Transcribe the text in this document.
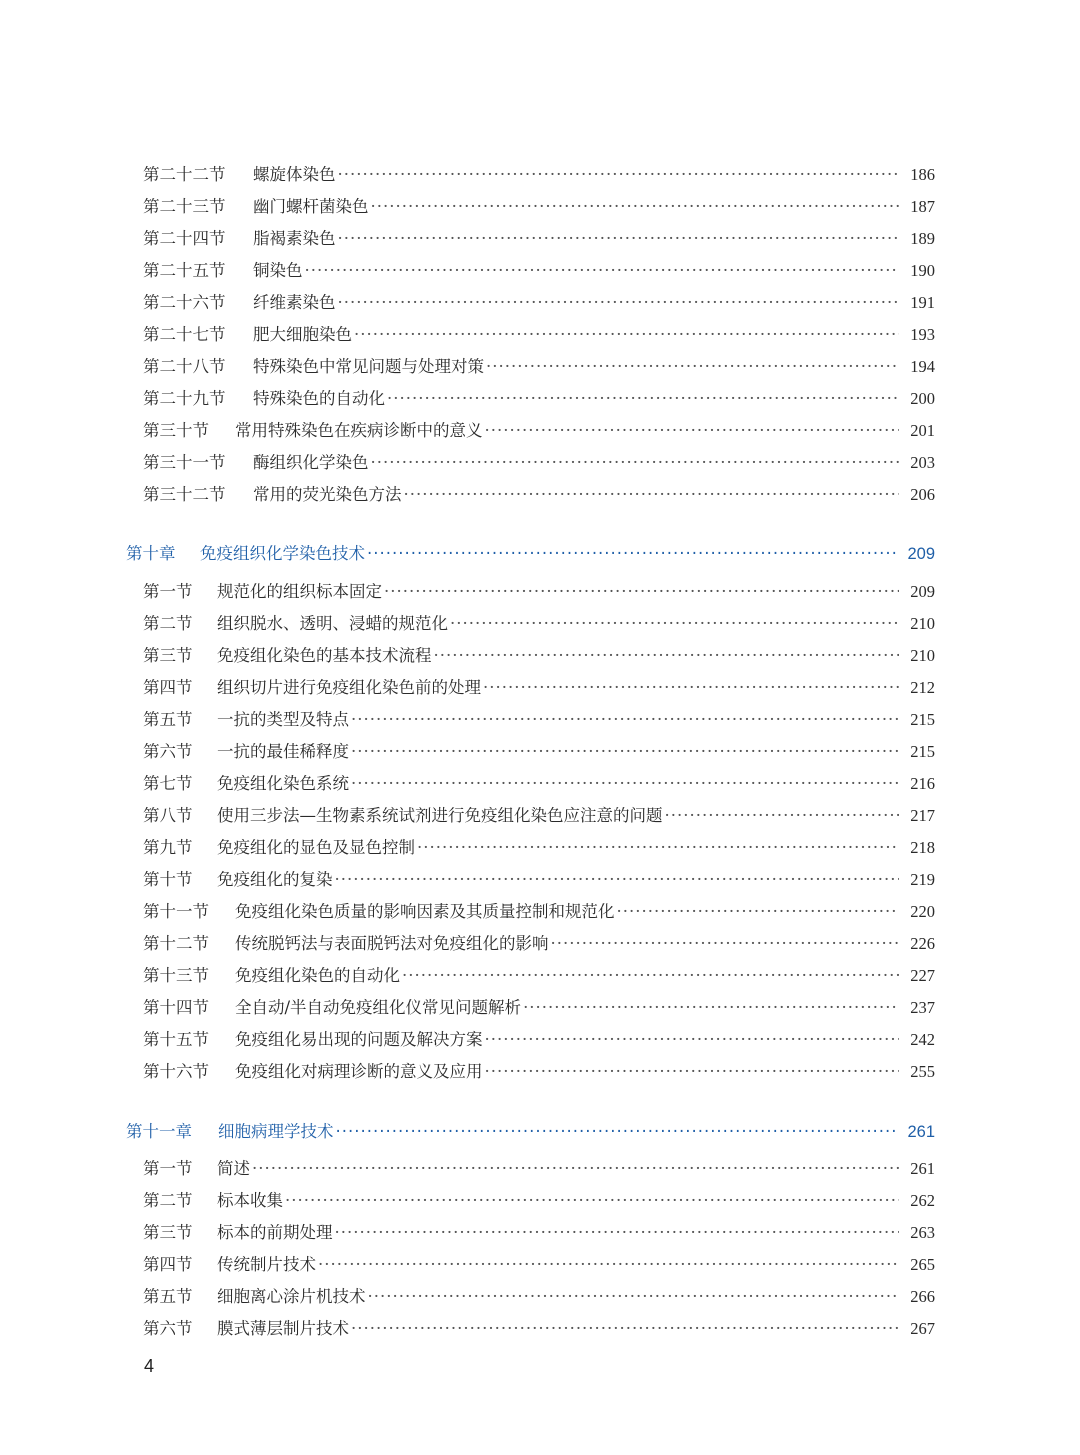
第二十二节 螺旋体染色 ·····	186
第二十三节 幽门螺杆菌染色 ·····	187
第二十四节 脂褐素染色 ·····	189
第二十五节 铜染色 ·····	190
第二十六节 纤维素染色 ·····	191
第二十七节 肥大细胞染色 ·····	193
第二十八节 特殊染色中常见问题与处理对策 ·····	194
第二十九节 特殊染色的自动化 ·····	200
第三十节 常用特殊染色在疾病诊断中的意义 ·····	201
第三十一节 酶组织化学染色 ·····	203
第三十二节 常用的荧光染色方法 ·····	206
第十章 免疫组织化学染色技术 ·····	209
第一节 规范化的组织标本固定 ·····	209
第二节 组织脱水、透明、浸蜡的规范化 ·····	210
第三节 免疫组化染色的基本技术流程 ·····	210
第四节 组织切片进行免疫组化染色前的处理 ·····	212
第五节 一抗的类型及特点 ·····	215
第六节 一抗的最佳稀释度 ·····	215
第七节 免疫组化染色系统 ·····	216
第八节 使用三步法—生物素系统试剂进行免疫组化染色应注意的问题 ·····	217
第九节 免疫组化的显色及显色控制 ·····	218
第十节 免疫组化的复染 ·····	219
第十一节 免疫组化染色质量的影响因素及其质量控制和规范化 ·····	220
第十二节 传统脱钙法与表面脱钙法对免疫组化的影响 ·····	226
第十三节 免疫组化染色的自动化 ·····	227
第十四节 全自动/半自动免疫组化仪常见问题解析 ·····	237
第十五节 免疫组化易出现的问题及解决方案 ·····	242
第十六节 免疫组化对病理诊断的意义及应用 ·····	255
第十一章 细胞病理学技术 ·····	261
第一节 简述 ·····	261
第二节 标本收集 ·····	262
第三节 标本的前期处理 ·····	263
第四节 传统制片技术 ·····	265
第五节 细胞离心涂片机技术 ·····	266
第六节 膜式薄层制片技术 ·····	267
4
